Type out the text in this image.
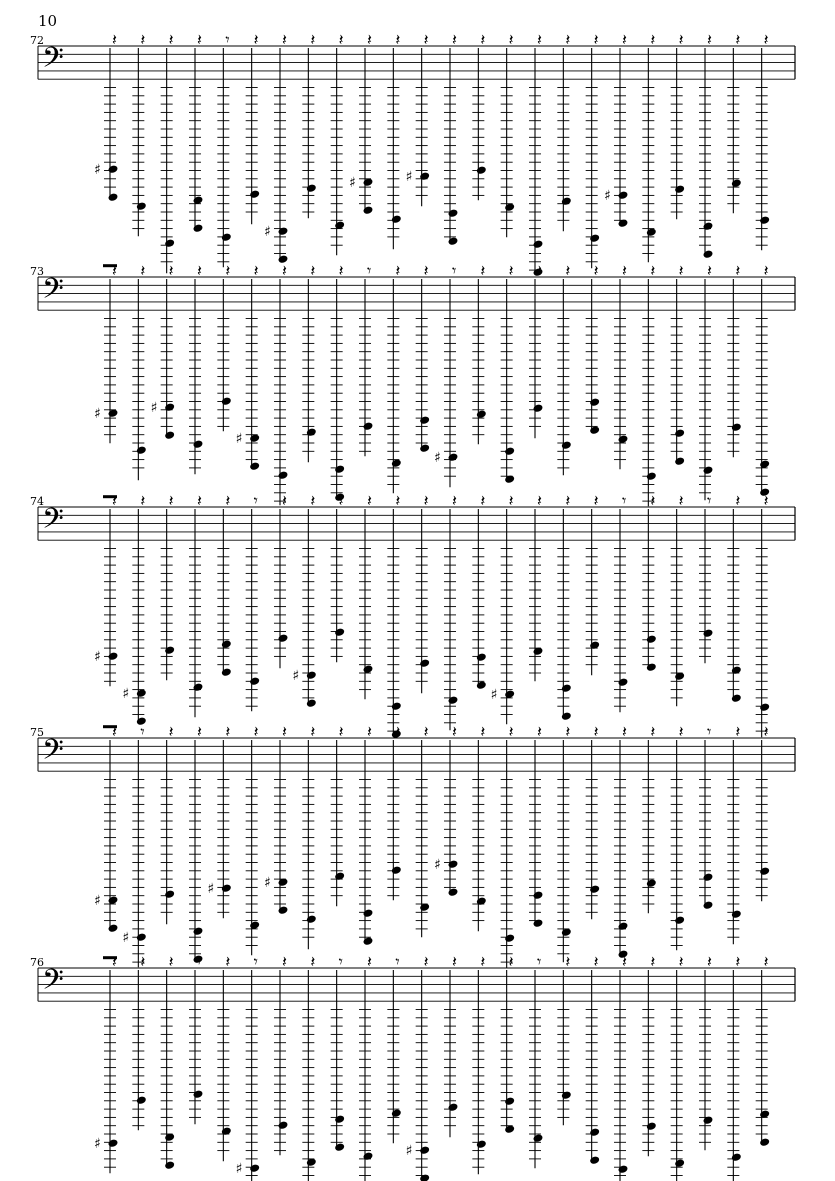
10
𝄢
♯
𝄽 𝄽 𝄽 𝄽 𝄾 𝄽
♯
𝄽 𝄽 𝄽
♯
𝄽 𝄽
♯
𝄽 𝄽 𝄽 𝄽 𝄽 𝄽 𝄽
♯
𝄽 𝄽 𝄽 𝄽 𝄽 𝄽
𝄢
♯
𝄽 𝄽
♯
𝄽 𝄽 𝄽
♯
𝄽 𝄽 𝄽 𝄽 𝄾 𝄽 𝄽
♯
𝄾 𝄽 𝄽 𝄽 𝄽 𝄽 𝄽 𝄽 𝄽 𝄽 𝄽 𝄽
𝄢
♯
𝄽
♯
𝄽 𝄽 𝄽 𝄽 𝄾 𝄽
♯
𝄽 𝄽 𝄽 𝄽 𝄽 𝄽 𝄽
♯
𝄽 𝄽 𝄽 𝄽 𝄾 𝄽 𝄽 𝄾 𝄽 𝄽
𝄢
♯
𝄽
♯
𝄾 𝄽 𝄽
♯
𝄽 𝄽
♯
𝄽 𝄽 𝄽 𝄽 𝄽 𝄽
♯
𝄽 𝄽 𝄽 𝄽 𝄽 𝄽 𝄽 𝄽 𝄽 𝄾 𝄽 𝄽
𝄢
♯
𝄽 𝄽 𝄽 𝄾 𝄽
♯
𝄾 𝄽 𝄽 𝄾 𝄽 𝄾
♯
𝄽 𝄽 𝄽 𝄽 𝄾 𝄽 𝄽 𝄽 𝄽 𝄽 𝄽 𝄽 𝄽
72
73
74
75
76
